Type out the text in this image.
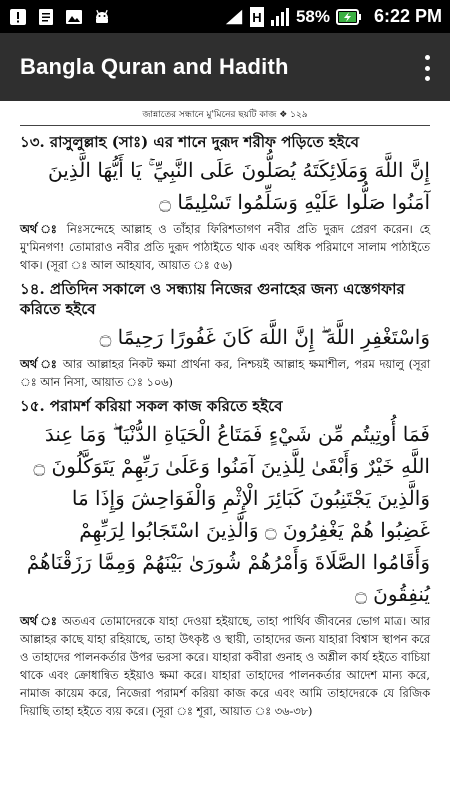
H 58% 6:22 PM
Bangla Quran and Hadith
জান্নাতের সন্ধানে মু'মিনের ছয়টি কাজ ❖ ১২৯
১৩. রাসুলুল্লাহ (সাঃ) এর শানে দুরূদ শরীফ পড়িতে হইবে
إِنَّ اللَّهَ وَمَلَائِكَتَهُ يُصَلُّونَ عَلَى النَّبِيِّ ۚ يَا أَيُّهَا الَّذِينَ آمَنُوا صَلُّوا عَلَيْهِ وَسَلِّمُوا تَسْلِيمًا ۝
অর্থ ঃ নিঃসন্দেহে আল্লাহ ও তাঁহার ফিরিশতাগণ নবীর প্রতি দুরূদ প্রেরণ করেন। হে মু'মিনগণ! তোমারাও নবীর প্রতি দুরূদ পাঠাইতে থাক এবং অধিক পরিমাণে সালাম পাঠাইতে থাক। (সূরা ঃ আল আহযাব, আয়াত ঃ ৫৬)
১৪. প্রতিদিন সকালে ও সন্ধ্যায় নিজের গুনাহের জন্য এস্তেগফার করিতে হইবে
وَاسْتَغْفِرِ اللَّهَ ۖ إِنَّ اللَّهَ كَانَ غَفُورًا رَحِيمًا ۝
অর্থ ঃ আর আল্লাহর নিকট ক্ষমা প্রার্থনা কর, নিশ্চয়ই আল্লাহ ক্ষমাশীল, পরম দয়ালু (সূরা ঃ আন নিসা, আয়াত ঃ ১০৬)
১৫. পরামর্শ করিয়া সকল কাজ করিতে হইবে
فَمَا أُوتِيتُم مِّن شَيْءٍ فَمَتَاعُ الْحَيَاةِ الدُّنْيَا ۖ وَمَا عِندَ اللَّهِ خَيْرٌ وَأَبْقَىٰ لِلَّذِينَ آمَنُوا وَعَلَىٰ رَبِّهِمْ يَتَوَكَّلُونَ ۝ وَالَّذِينَ يَجْتَنِبُونَ كَبَائِرَ الْإِثْمِ وَالْفَوَاحِشَ وَإِذَا مَا غَضِبُوا هُمْ يَغْفِرُونَ ۝ وَالَّذِينَ اسْتَجَابُوا لِرَبِّهِمْ وَأَقَامُوا الصَّلَاةَ وَأَمْرُهُمْ شُورَىٰ بَيْنَهُمْ وَمِمَّا رَزَقْنَاهُمْ يُنفِقُونَ ۝
অর্থ ঃ অতএব তোমাদেরকে যাহা দেওয়া হইয়াছে, তাহা পার্থিব জীবনের ভোগ মাত্র। আর আল্লাহর কাছে যাহা রহিয়াছে, তাহা উৎকৃষ্ট ও স্থায়ী, তাহাদের জন্য যাহারা বিশ্বাস স্থাপন করে ও তাহাদের পালনকর্তার উপর ভরসা করে। যাহারা কবীরা গুনাহ ও অশ্লীল কার্য হইতে বাচিয়া থাকে এবং ক্রোধান্বিত হইয়াও ক্ষমা করে। যাহারা তাহাদের পালনকর্তার আদেশ মান্য করে, নামাজ কায়েম করে, নিজেরা পরামর্শ করিয়া কাজ করে এবং আমি তাহাদেরকে যে রিজিক দিয়াছি তাহা হইতে ব্যয় করে। (সূরা ঃ শূরা, আয়াত ঃ ৩৬-৩৮)
